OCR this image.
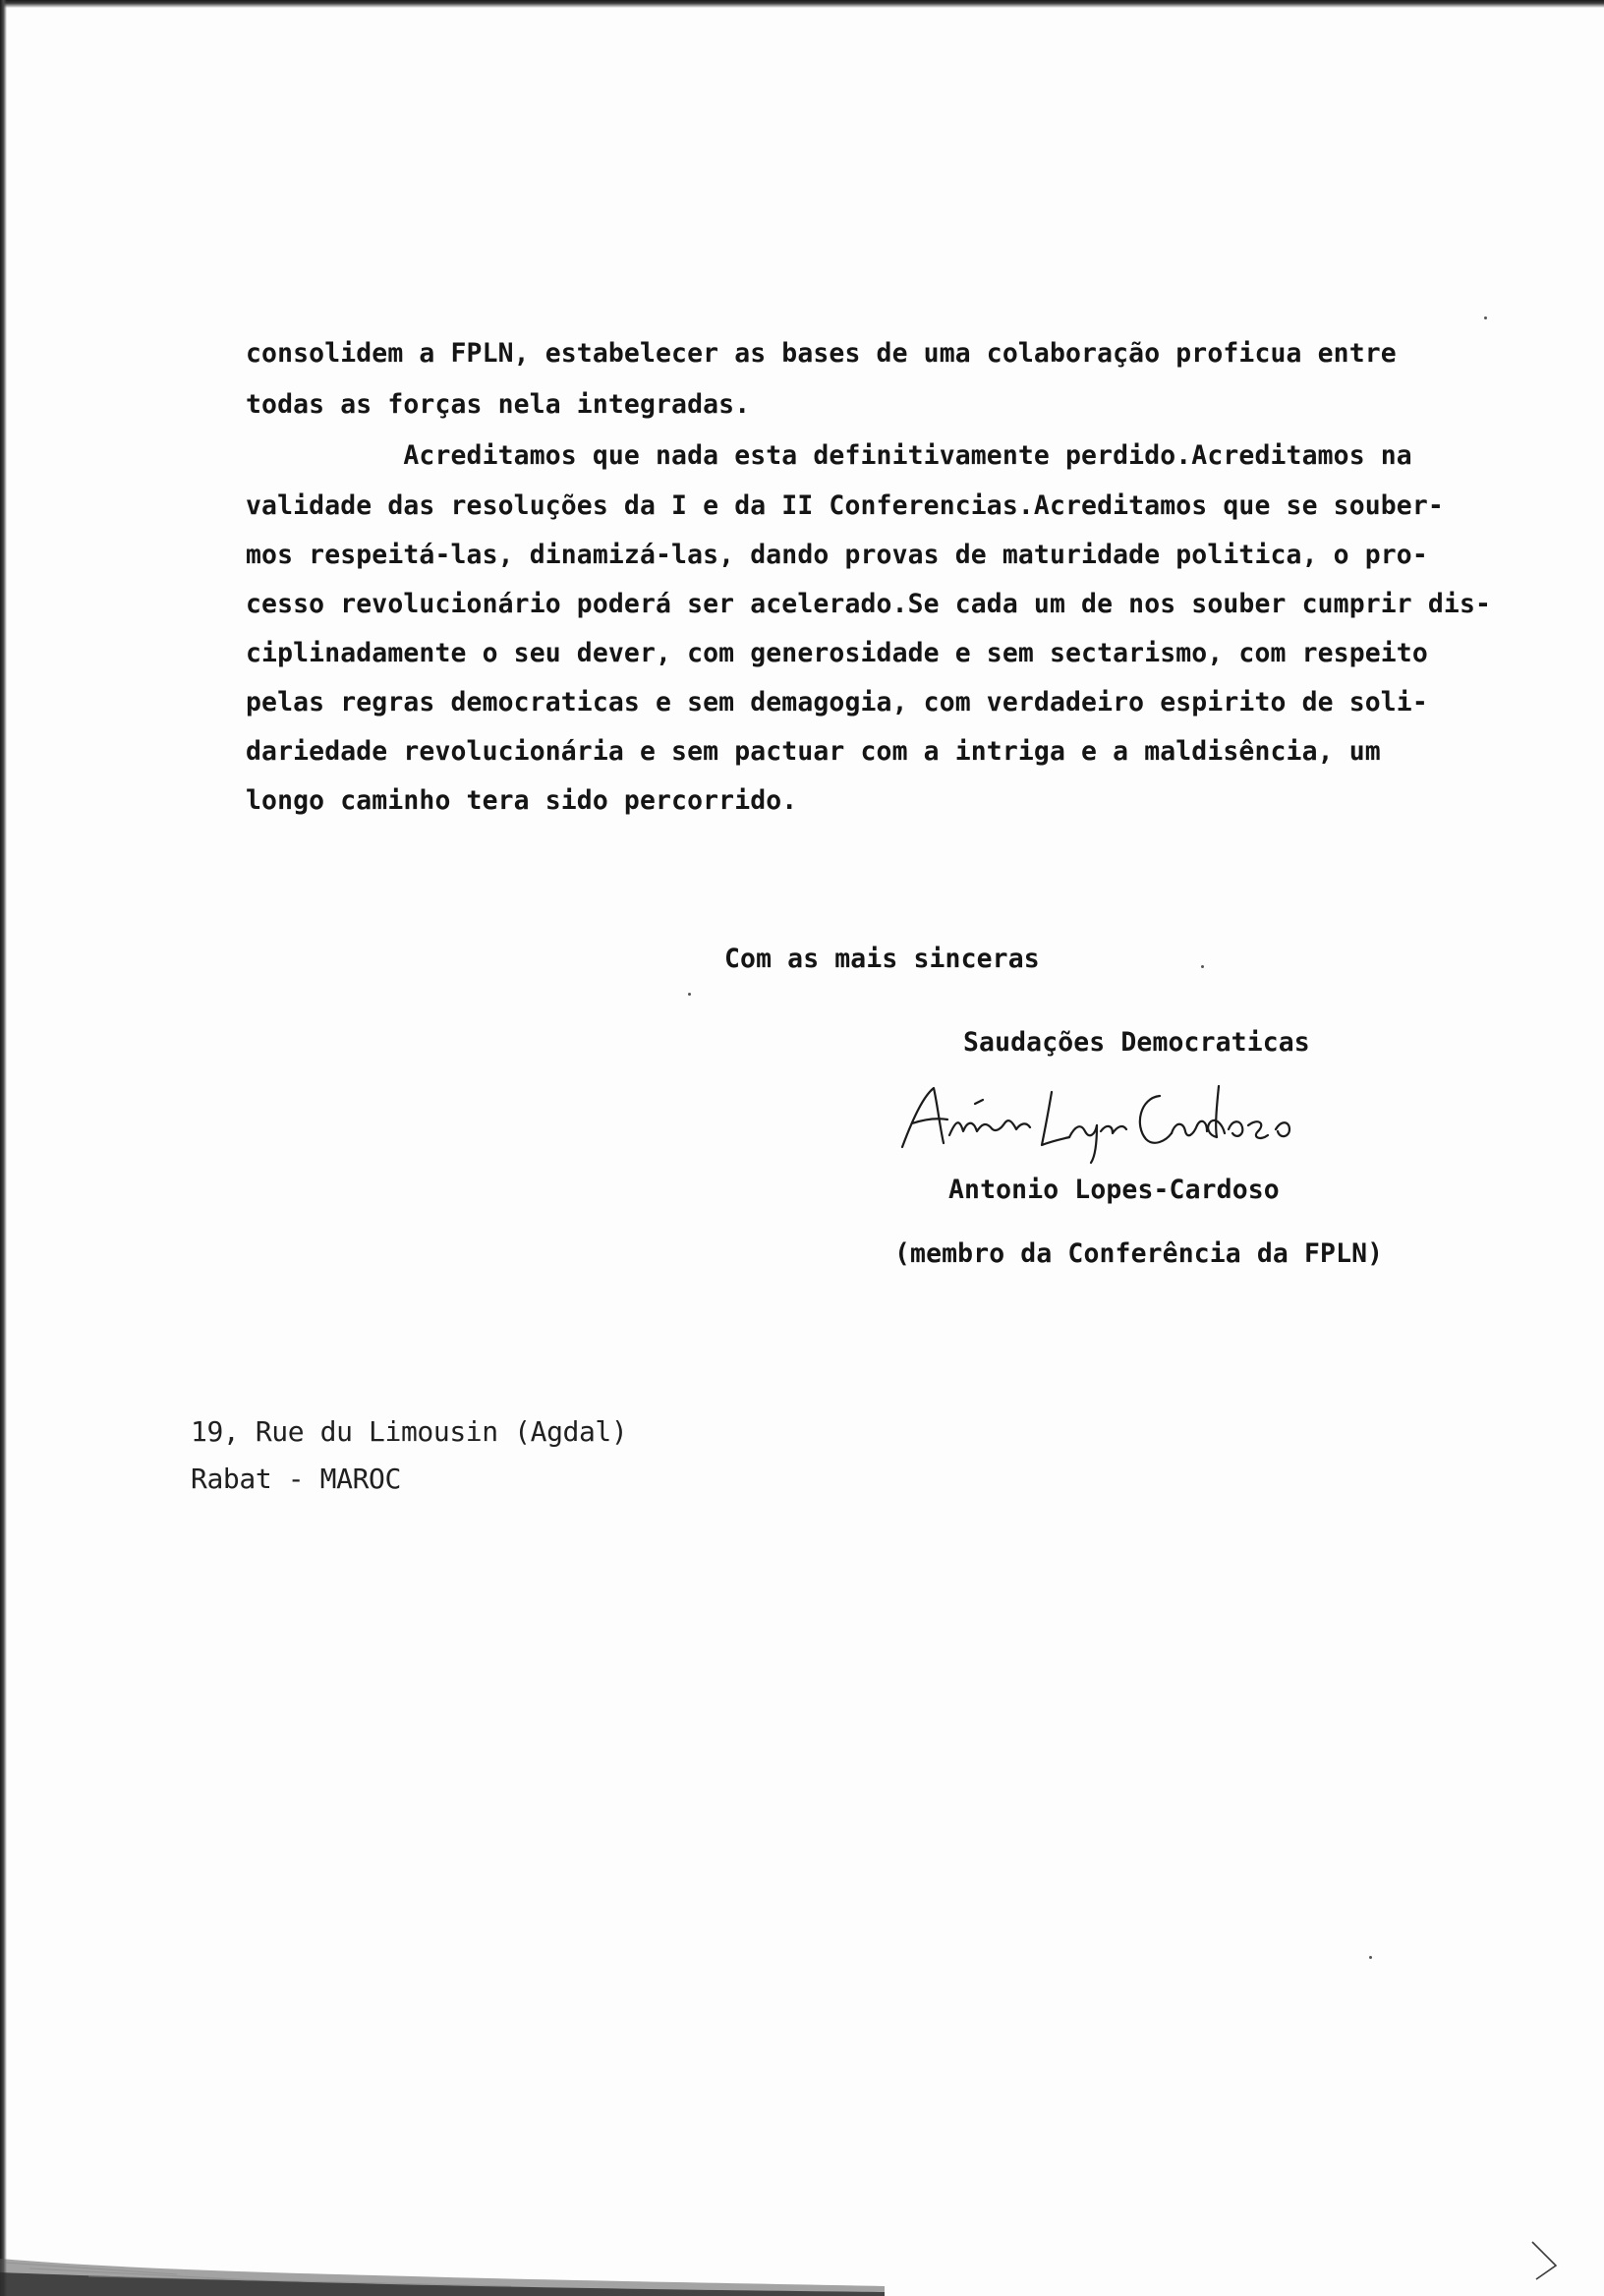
consolidem a FPLN, estabelecer as bases de uma colaboração proficua entre

todas as forças nela integradas.

Acreditamos que nada esta definitivamente perdido.Acreditamos na

validade das resoluções da I e da II Conferencias.Acreditamos que se souber-

mos respeitá-las, dinamizá-las, dando provas de maturidade politica, o pro-

cesso revolucionário poderá ser acelerado.Se cada um de nos souber cumprir dis-

ciplinadamente o seu dever, com generosidade e sem sectarismo, com respeito

pelas regras democraticas e sem demagogia, com verdadeiro espirito de soli-

dariedade revolucionária e sem pactuar com a intriga e a maldisência, um

longo caminho tera sido percorrido.

Com as mais sinceras
Saudações Democraticas
Antonio Lopes-Cardoso
(membro da Conferência da FPLN)
19, Rue du Limousin (Agdal)
Rabat - MAROC
